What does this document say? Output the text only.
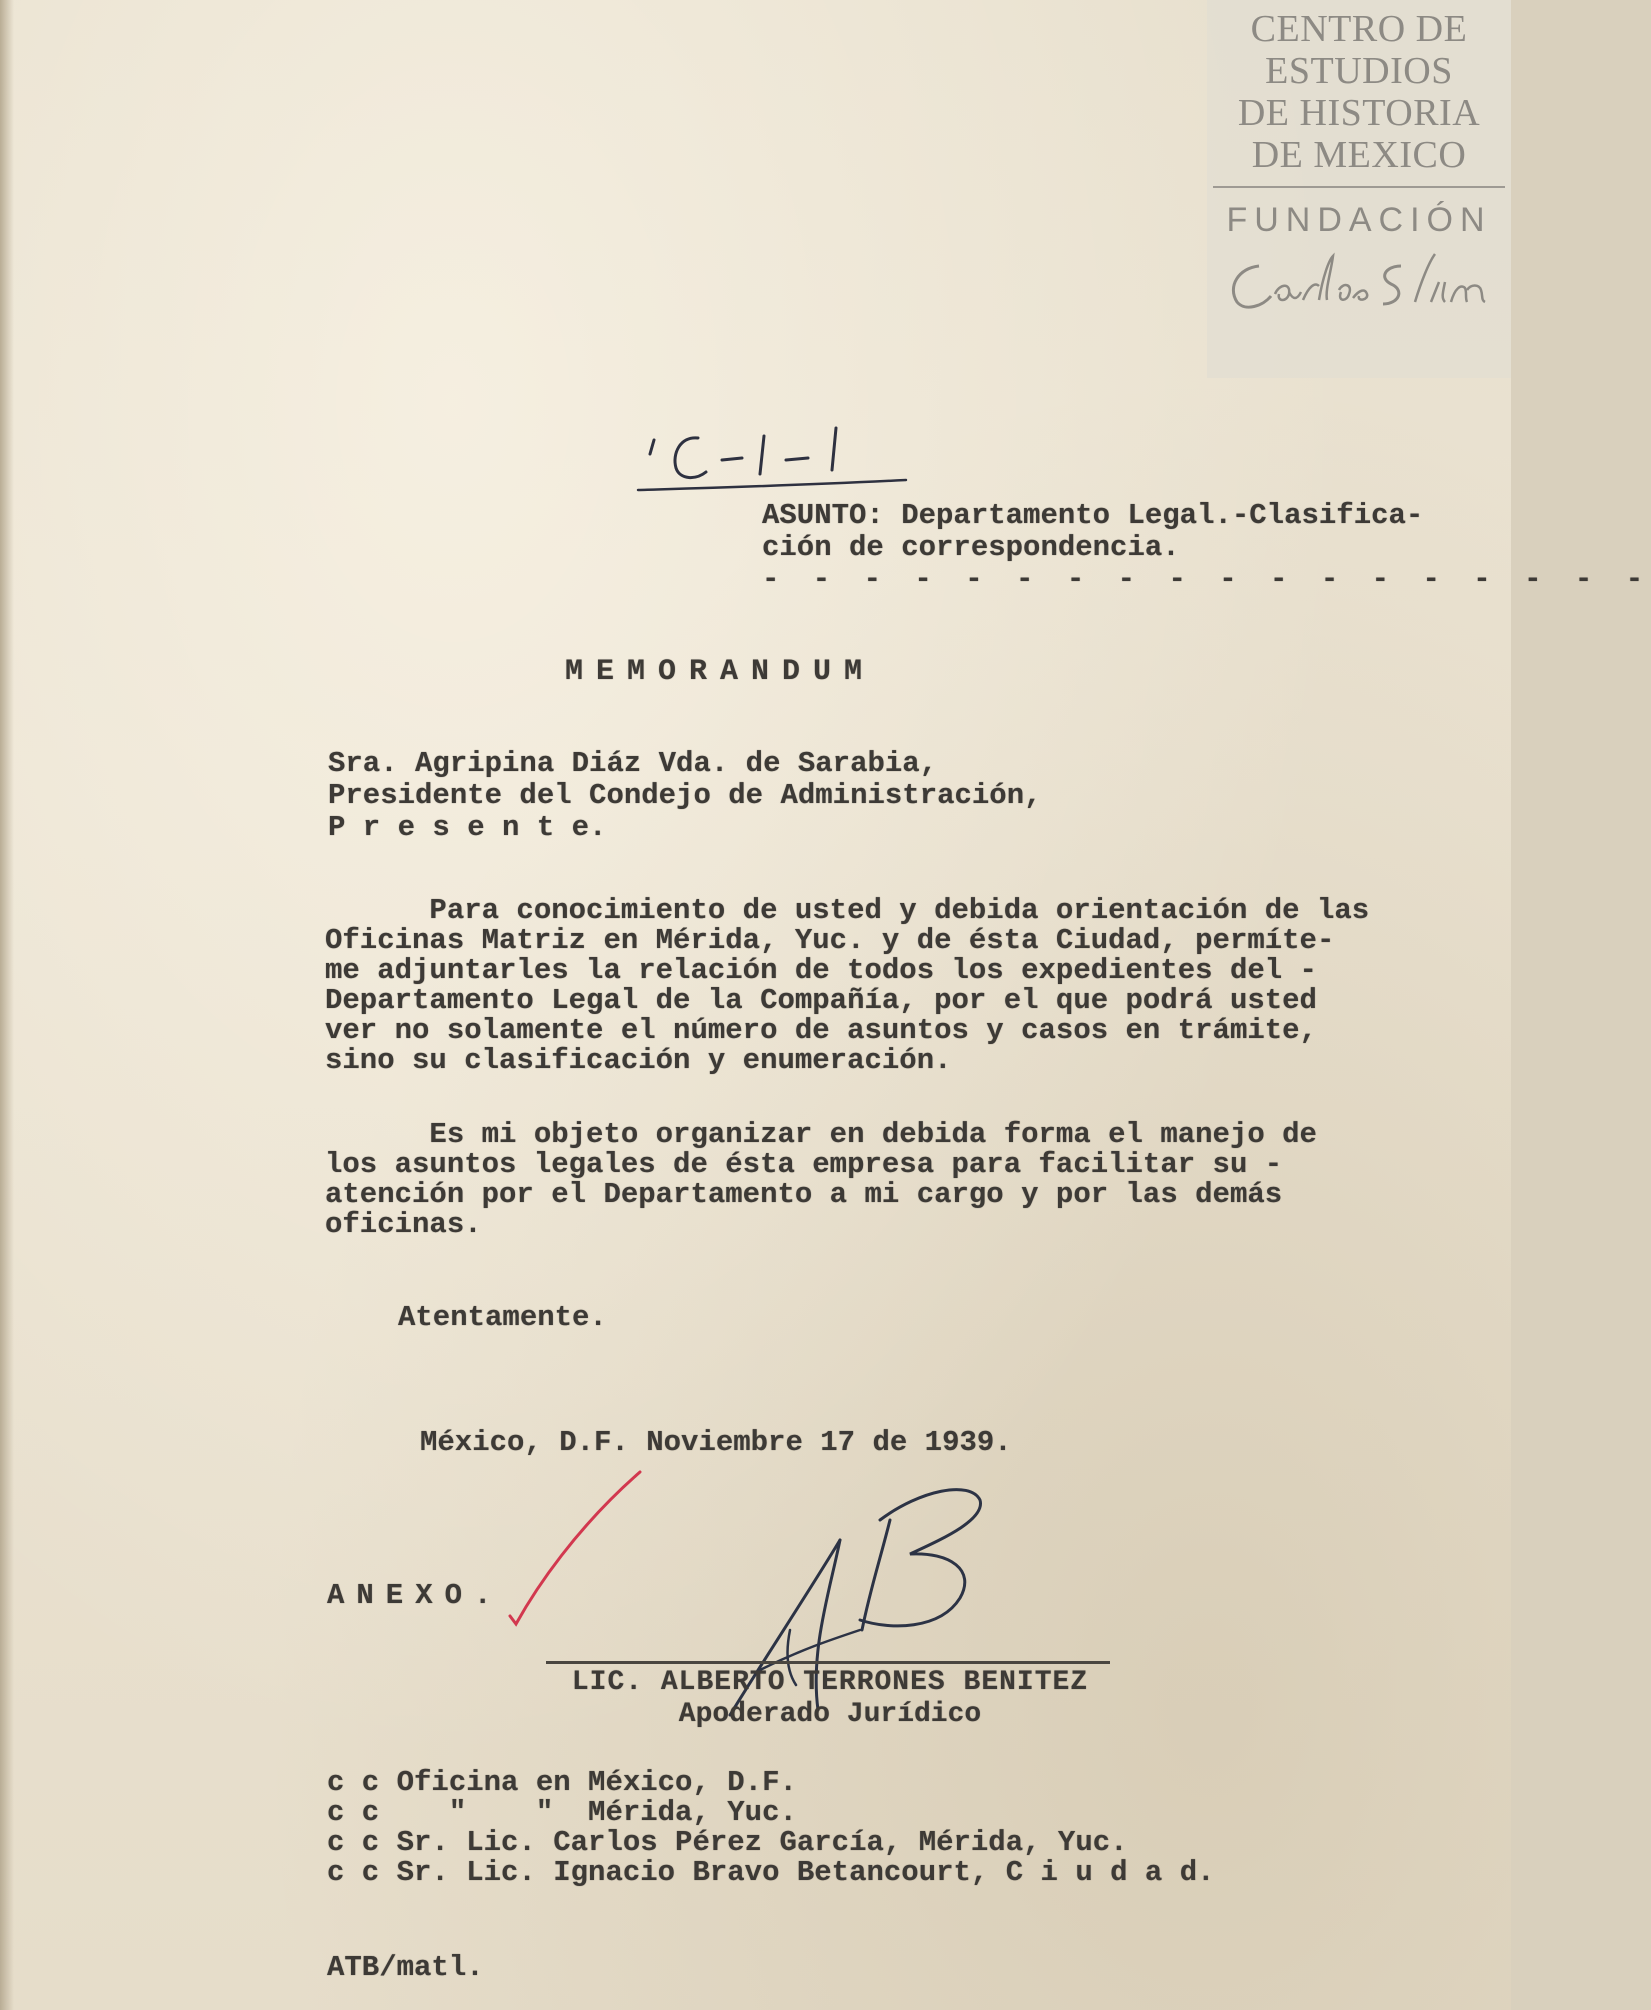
CENTRO DE
ESTUDIOS
DE HISTORIA
DE MEXICO
FUNDACIÓN
ASUNTO: Departamento Legal.-Clasifica-
ción de correspondencia.
- - - - - - - - - - - - - - - - - -
MEMORANDUM
Sra. Agripina Diáz Vda. de Sarabia,
Presidente del Condejo de Administración,
P r e s e n t e.
Para conocimiento de usted y debida orientación de las
Oficinas Matriz en Mérida, Yuc. y de ésta Ciudad, permíte-
me adjuntarles la relación de todos los expedientes del -
Departamento Legal de la Compañía, por el que podrá usted
ver no solamente el número de asuntos y casos en trámite,
sino su clasificación y enumeración.
Es mi objeto organizar en debida forma el manejo de
los asuntos legales de ésta empresa para facilitar su -
atención por el Departamento a mi cargo y por las demás
oficinas.
Atentamente.
México, D.F. Noviembre 17 de 1939.
ANEXO.
LIC. ALBERTO TERRONES BENITEZ
Apoderado Jurídico
c c Oficina en México, D.F.
c c    "    "  Mérida, Yuc.
c c Sr. Lic. Carlos Pérez García, Mérida, Yuc.
c c Sr. Lic. Ignacio Bravo Betancourt, C i u d a d.
ATB/matl.
